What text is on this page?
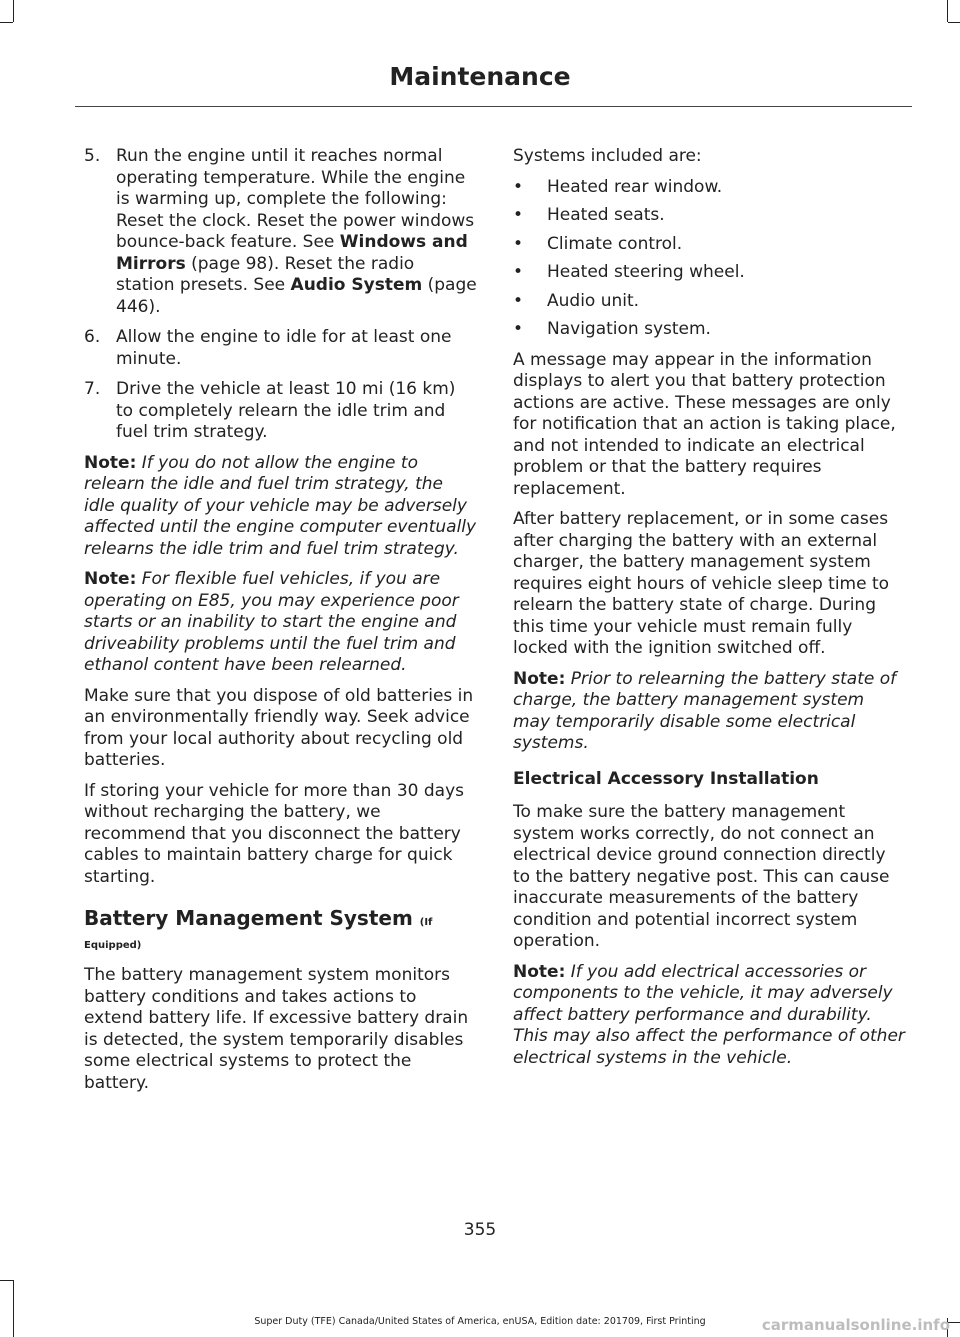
Maintenance
5. Run the engine until it reaches normal operating temperature. While the engine is warming up, complete the following: Reset the clock. Reset the power windows bounce-back feature. See Windows and Mirrors (page 98). Reset the radio station presets. See Audio System (page 446).
6. Allow the engine to idle for at least one minute.
7. Drive the vehicle at least 10 mi (16 km) to completely relearn the idle trim and fuel trim strategy.

Note: If you do not allow the engine to relearn the idle and fuel trim strategy, the idle quality of your vehicle may be adversely affected until the engine computer eventually relearns the idle trim and fuel trim strategy.

Note: For flexible fuel vehicles, if you are operating on E85, you may experience poor starts or an inability to start the engine and driveability problems until the fuel trim and ethanol content have been relearned.

Make sure that you dispose of old batteries in an environmentally friendly way. Seek advice from your local authority about recycling old batteries.

If storing your vehicle for more than 30 days without recharging the battery, we recommend that you disconnect the battery cables to maintain battery charge for quick starting.

Battery Management System (If
Equipped)

The battery management system monitors battery conditions and takes actions to extend battery life. If excessive battery drain is detected, the system temporarily disables some electrical systems to protect the battery.

Systems included are:

• Heated rear window.
• Heated seats.
• Climate control.
• Heated steering wheel.
• Audio unit.
• Navigation system.

A message may appear in the information displays to alert you that battery protection actions are active. These messages are only for notification that an action is taking place, and not intended to indicate an electrical problem or that the battery requires replacement.

After battery replacement, or in some cases after charging the battery with an external charger, the battery management system requires eight hours of vehicle sleep time to relearn the battery state of charge. During this time your vehicle must remain fully locked with the ignition switched off.

Note: Prior to relearning the battery state of charge, the battery management system may temporarily disable some electrical systems.

Electrical Accessory Installation

To make sure the battery management system works correctly, do not connect an electrical device ground connection directly to the battery negative post. This can cause inaccurate measurements of the battery condition and potential incorrect system operation.

Note: If you add electrical accessories or components to the vehicle, it may adversely affect battery performance and durability. This may also affect the performance of other electrical systems in the vehicle.

355
Super Duty (TFE) Canada/United States of America, enUSA, Edition date: 201709, First Printing	carmanualsonline.info
